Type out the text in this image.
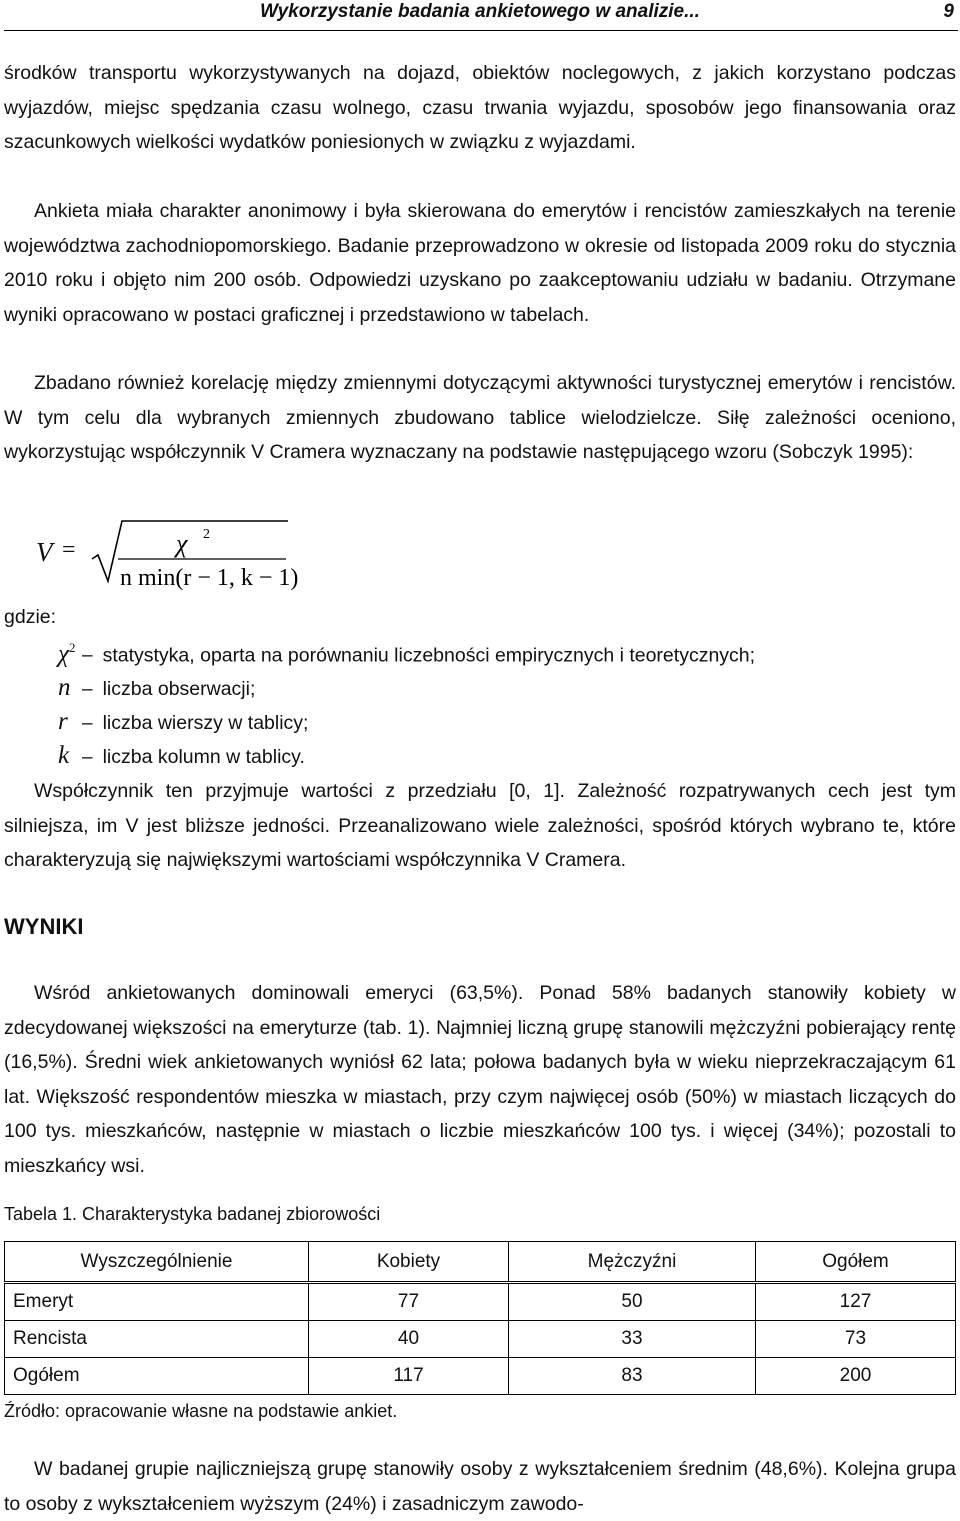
Wykorzystanie badania ankietowego w analizie...	9

środków transportu wykorzystywanych na dojazd, obiektów noclegowych, z jakich korzystano podczas wyjazdów, miejsc spędzania czasu wolnego, czasu trwania wyjazdu, sposobów jego finansowania oraz szacunkowych wielkości wydatków poniesionych w związku z wyjazdami.

Ankieta miała charakter anonimowy i była skierowana do emerytów i rencistów zamieszkałych na terenie województwa zachodniopomorskiego. Badanie przeprowadzono w okresie od listopada 2009 roku do stycznia 2010 roku i objęto nim 200 osób. Odpowiedzi uzyskano po zaakceptowaniu udziału w badaniu. Otrzymane wyniki opracowano w postaci graficznej i przedstawiono w tabelach.

Zbadano również korelację między zmiennymi dotyczącymi aktywności turystycznej emerytów i rencistów. W tym celu dla wybranych zmiennych zbudowano tablice wielodzielcze. Siłę zależności oceniono, wykorzystując współczynnik V Cramera wyznaczany na podstawie następującego wzoru (Sobczyk 1995):

V =	χ 2
n min(r − 1, k − 1)
gdzie:
$\chi^2$ – statystyka, oparta na porównaniu liczebności empirycznych i teoretycznych;
n – liczba obserwacji;
r – liczba wierszy w tablicy;
k – liczba kolumn w tablicy.

Współczynnik ten przyjmuje wartości z przedziału [0, 1]. Zależność rozpatrywanych cech jest tym silniejsza, im V jest bliższe jedności. Przeanalizowano wiele zależności, spośród których wybrano te, które charakteryzują się największymi wartościami współczynnika V Cramera.

WYNIKI

Wśród ankietowanych dominowali emeryci (63,5%). Ponad 58% badanych stanowiły kobiety w zdecydowanej większości na emeryturze (tab. 1). Najmniej liczną grupę stanowili mężczyźni pobierający rentę (16,5%). Średni wiek ankietowanych wyniósł 62 lata; połowa badanych była w wieku nieprzekraczającym 61 lat. Większość respondentów mieszka w miastach, przy czym najwięcej osób (50%) w miastach liczących do 100 tys. mieszkańców, następnie w miastach o liczbie mieszkańców 100 tys. i więcej (34%); pozostali to mieszkańcy wsi.

Tabela 1. Charakterystyka badanej zbiorowości
Wyszczególnienie	Kobiety	Mężczyźni	Ogółem
Emeryt	77	50	127
Rencista	40	33	73
Ogółem	117	83	200
Źródło: opracowanie własne na podstawie ankiet.

W badanej grupie najliczniejszą grupę stanowiły osoby z wykształceniem średnim (48,6%). Kolejna grupa to osoby z wykształceniem wyższym (24%) i zasadniczym zawodo-
